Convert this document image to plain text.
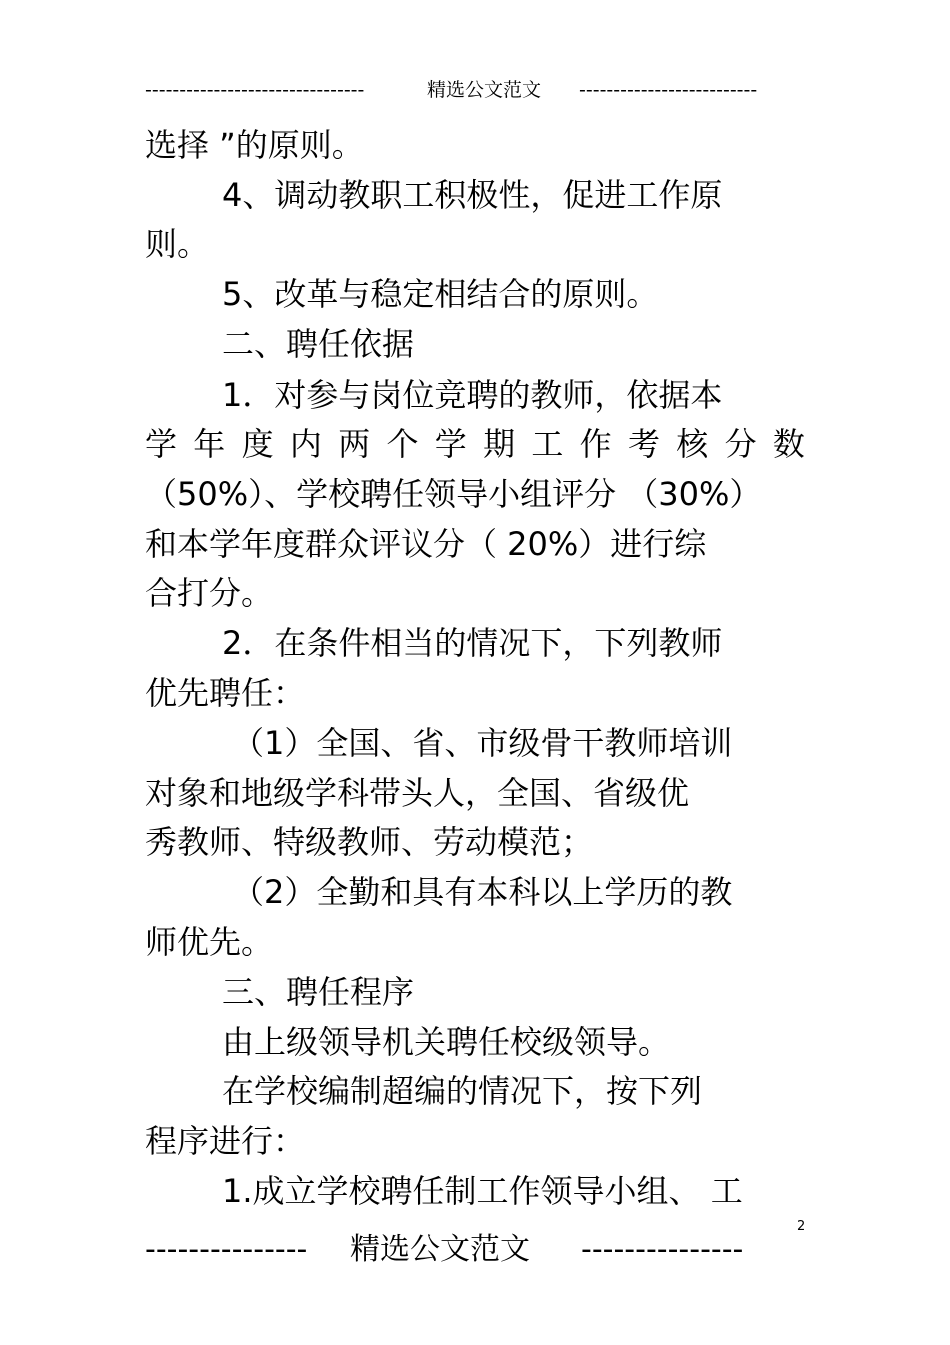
--------------------------------	精选公文范文 --------------------------
选择 ”的原则。
4、调动教职工积极性，促进工作原
则。
5、改革与稳定相结合的原则。
二、聘任依据
1．对参与岗位竞聘的教师，依据本
学 年 度 内 两 个 学 期 工 作 考 核 分 数
（50%）、学校聘任领导小组评分 （30%）
和本学年度群众评议分（ 20%）进行综
合打分。
2．在条件相当的情况下，下列教师
优先聘任：
（1）全国、省、市级骨干教师培训
对象和地级学科带头人，全国、省级优
秀教师、特级教师、劳动模范；
（2）全勤和具有本科以上学历的教
师优先。
三、聘任程序
由上级领导机关聘任校级领导。
在学校编制超编的情况下，按下列
程序进行：
1.成立学校聘任制工作领导小组、 工
2
--------------- 精选公文范文 ---------------
